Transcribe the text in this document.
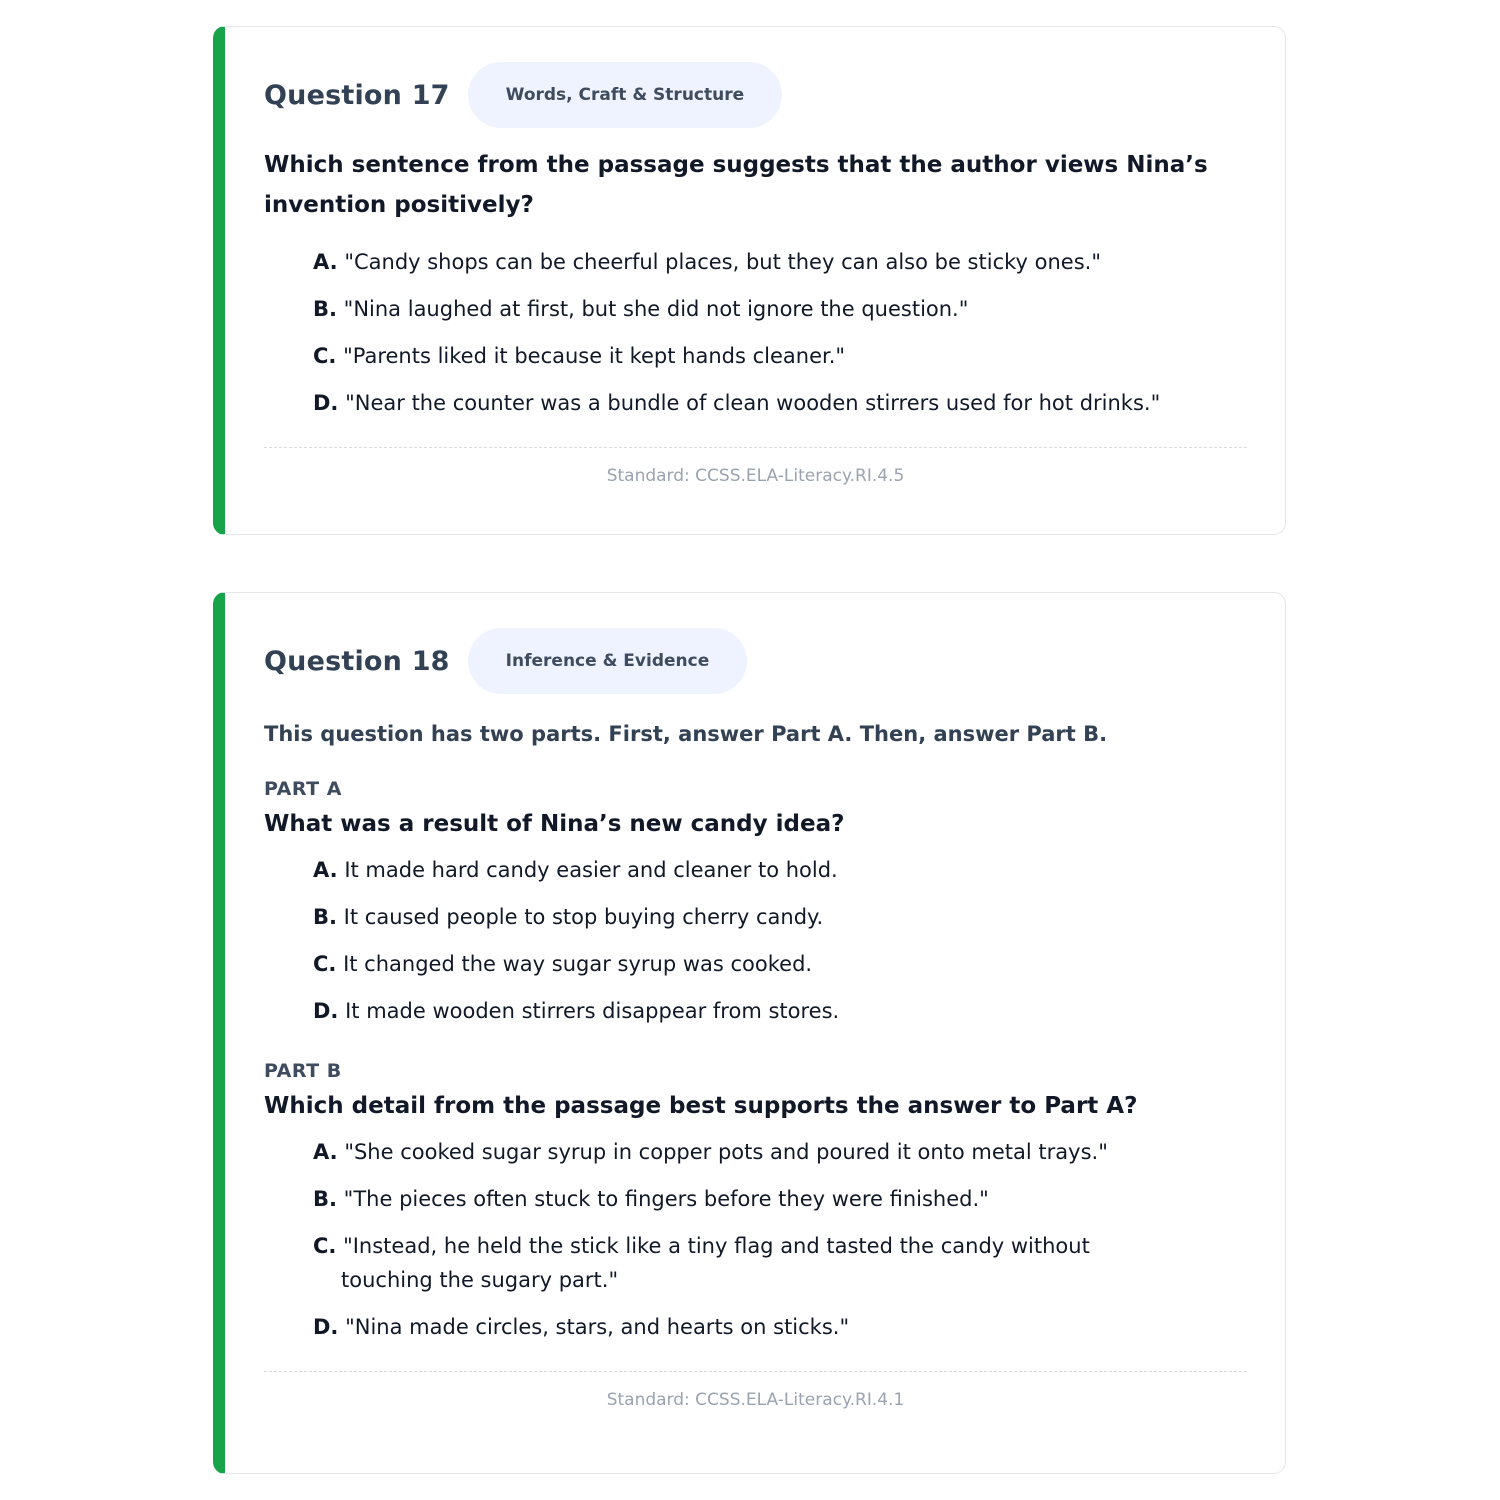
Question 17	Words, Craft & Structure

Which sentence from the passage suggests that the author views Nina’s invention positively?

A. "Candy shops can be cheerful places, but they can also be sticky ones."
B. "Nina laughed at first, but she did not ignore the question."
C. "Parents liked it because it kept hands cleaner."
D. "Near the counter was a bundle of clean wooden stirrers used for hot drinks."
Standard: CCSS.ELA-Literacy.RI.4.5
Question 18	Inference & Evidence
This question has two parts. First, answer Part A. Then, answer Part B.
PART A

What was a result of Nina’s new candy idea?

A. It made hard candy easier and cleaner to hold.
B. It caused people to stop buying cherry candy.
C. It changed the way sugar syrup was cooked.
D. It made wooden stirrers disappear from stores.
PART B

Which detail from the passage best supports the answer to Part A?

A. "She cooked sugar syrup in copper pots and poured it onto metal trays."
B. "The pieces often stuck to fingers before they were finished."
C. "Instead, he held the stick like a tiny flag and tasted the candy without touching the sugary part."
D. "Nina made circles, stars, and hearts on sticks."
Standard: CCSS.ELA-Literacy.RI.4.1
